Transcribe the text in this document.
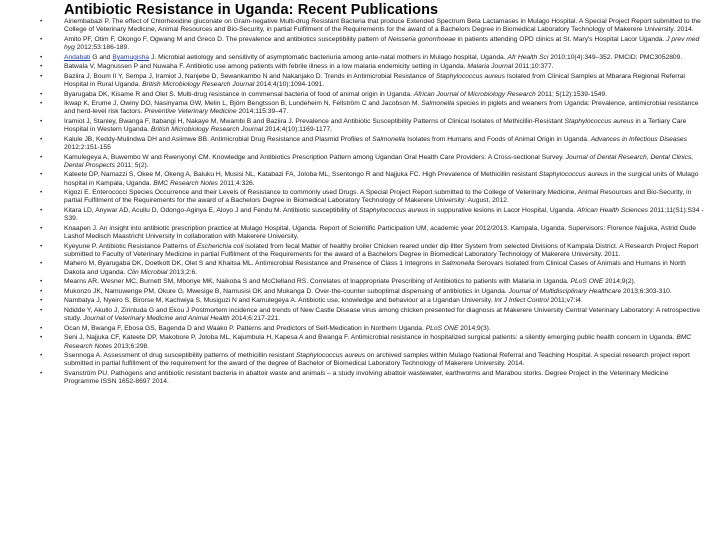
Antibiotic Resistance in Uganda: Recent Publications
• Ainembabazi P. The effect of Chlorhexidine gluconate on Gram-negative Multi-drug Resistant Bacteria that produce Extended Spectrum Beta Lactamases in Mulago Hospital. A Special Project Report submitted to the College of Veterinary Medicine, Animal Resources and Bio-Security, in partial Fulfilment of the Requirements for the award of a Bachelors Degree in Biomedical Laboratory Technology of Makerere University. 2014.
• Amito PF, Otim F, Okongo F, Ogwang M and Greco D. The prevalence and antibiotics susceptibility pattern of Neisseria gonorrhoeae in patients attending OPD clinics at St. Mary's Hospital Lacor Uganda. J prev med hyg 2012;53:186-189.
• Andabati G and Byamugisha J. Microbial aetiology and sensitivity of asymptomatic bacteriuria among ante-natal mothers in Mulago hospital, Uganda. Afr Health Sci 2010;10(4):349–352. PMCID: PMC3052809.
• Batwala V, Magnussen P and Nuwaha F. Antibiotic use among patients with febrile illness in a low malaria endemicity setting in Uganda. Malaria Journal 2011;10:377.
• Baziira J, Boum II Y, Sempa J, Iramiot J, Nanjebe D, Sewankambo N and Nakanjako D. Trends in Antimicrobial Resistance of Staphylococcus aureus Isolated from Clinical Samples at Mbarara Regional Referral Hospital in Rural Uganda. British Microbiology Research Journal 2014;4(10):1094-1091.
• Byarugaba DK, Kisame R and Olet S. Multi-drug resistance in commensal bacteria of food of animal origin in Uganda. African Journal of Microbiology Research 2011; 5(12):1539-1549.
• Ikwap K, Erume J, Owiny DO, Nasinyama GW, Melin L, Björn Bengtsson B, Lundeheim N, Fellström C and Jacobson M. Salmonella species in piglets and weaners from Uganda: Prevalence, antimicrobial resistance and herd-level risk factors. Preventive Veterinary Medicine 2014;115:39–47.
• Iramiot J, Stanley, Bwanga F, Itabangi H, Nakaye M, Mwambi B and Baziira J. Prevalence and Antibiotic Susceptibility Patterns of Clinical Isolates of Methicillin-Resistant Staphylococcus aureus in a Tertiary Care Hospital in Western Uganda. British Microbiology Research Journal 2014;4(10):1169-1177.
• Kalule JB, Keddy-Mulindwa DH and Asiimwe BB. Antimicrobial Drug Resistance and Plasmid Profiles of Salmonella Isolates from Humans and Foods of Animal Origin in Uganda. Advances in Infectious Diseases 2012;2:151-155
• Kamulegeya A, Buwembo W and Rwenyonyi CM. Knowledge and Antibiotics Prescription Pattern among Ugandan Oral Health Care Providers: A Cross-sectional Survey. Journal of Dental Research, Dental Clinics, Dental Prospects 2011; 5(2).
• Kateete DP, Namazzi S, Okee M, Okeng A, Baluku H, Musisi NL, Katabazi FA, Joloba ML, Ssentongo R and Najjuka FC. High Prevalence of Methicillin resistant Staphylococcus aureus in the surgical units of Mulago hospital in Kampala, Uganda. BMC Research Notes 2011;4:326.
• Kigozi E. Enterococci Species Occurrence and their Levels of Resistance to commonly used Drugs. A Special Project Report submitted to the College of Veterinary Medicine, Animal Resources and Bio-Security, in partial Fulfilment of the Requirements for the award of a Bachelors Degree in Biomedical Laboratory Technology of Makerere University: August, 2012.
• Kitara LD, Anywar AD, Acullu D, Odongo-Aginya E, Aloyo J and Fendu M. Antibiotic susceptibility of Staphylococcus aureus in suppurative lesions in Lacor Hospital, Uganda. African Health Sciences 2011;11(S1):S34 - S39.
• Knaapen J. An insight into antibiotic prescription practice at Mulago Hospital, Uganda. Report of Scientific Participation UM, academic year 2012/2013. Kampala, Uganda. Supervisors: Florence Najjuka, Astrid Oude Lashof Medisch Maastricht University In collaboration with Makerere University.
• Kyeyune P. Antibiotic Resistance Patterns of Escherichia coli isolated from fecal Matter of healthy broiler Chicken reared under dip litter System from selected Divisions of Kampala District. A Research Project Report submitted to Faculty of Veterinary Medicine in partial Fulfilment of the Requirements for the award of a Bachelors Degree in Biomedical Laboratory Technology of Makerere University. 2011.
• Mahero M, Byarugaba DK, Doetkott DK, Olet S and Khaitsa ML. Antimicrobial Resistance and Presence of Class 1 Integrons in Salmonella Serovars Isolated from Clinical Cases of Animals and Humans in North Dakota and Uganda. Clin Microbial 2013;2:6.
• Mearns AR, Wesner MC, Burnett SM, Mbonye MK, Naikoba S and McClelland RS. Correlates of Inappropriate Prescribing of Antibiotics to patients with Malaria in Uganda. PLoS ONE 2014;9(2).
• Mukonzo JK, Namuwenge PM, Okure G, Mwesige B, Namusisi OK and Mukanga D. Over-the-counter suboptimal dispensing of antibiotics in Uganda. Journal of Multidisciplinary Healthcare 2013;6:303-310.
• Nambatya J, Nyeiro S, Birorse M, Kachwiya S, Musiguzi N and Kamulegeya A. Antibiotic use, knowledge and behaviour at a Ugandan University. Int J Infect Control 2011;v7:i4.
• Ndidde Y, Akullo J, Zirintuda G and Ekou J Postmortem incidence and trends of New Castle Disease virus among chicken presented for diagnosis at Makerere University Central Veterinary Laboratory: A retrospective study. Journal of Veterinary Medicine and Animal Health 2014;6:217-221.
• Ocan M, Bwanga F, Ebosa GS, Bagenda D and Waako P. Patterns and Predictors of Self-Medication in Northern Uganda. PLoS ONE 2014;9(3).
• Seni J, Najjuka CF, Kateete DP, Makobore P, Joloba ML, Kajumbula H, Kapesa A and Bwanga F. Antimicrobial resistance in hospitalized surgical patients: a silently emerging public health concern in Uganda. BMC Research Notes 2013;6:298.
• Ssennoga A. Assessment of drug susceptibility patterns of methicillin resistant Staphylococcus aureus on archived samples within Mulago National Referral and Teaching Hospital. A special research project report submitted in partial fulfillment of the requirement for the award of the degree of Bachelor of Biomedical Laboratory Technology of Makerere University. 2014.
• Svanström PU. Pathogens and antibiotic resistant bacteria in abattoir waste and animals – a study involving abattoir wastewater, earthworms and Marabou storks. Degree Project in the Veterinary Medicine Programme ISSN 1652-8697 2014.
